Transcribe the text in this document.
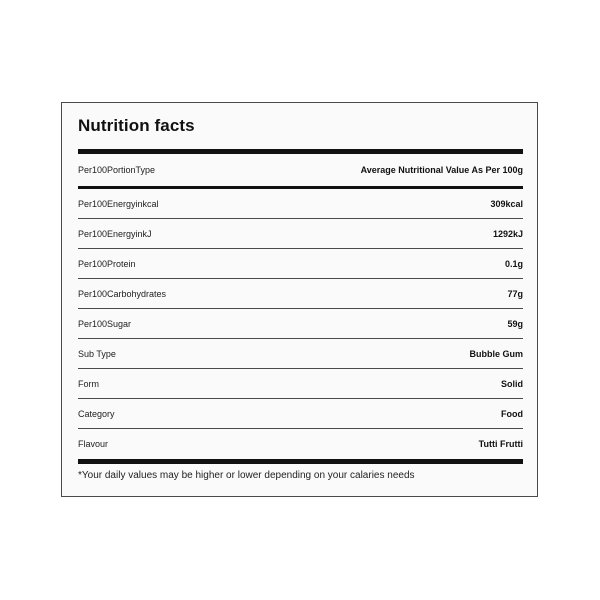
Nutrition facts
Per100PortionType	Average Nutritional Value As Per 100g
Per100Energyinkcal	309kcal
Per100EnergyinkJ	1292kJ
Per100Protein	0.1g
Per100Carbohydrates	77g
Per100Sugar	59g
Sub Type	Bubble Gum
Form	Solid
Category	Food
Flavour	Tutti Frutti
*Your daily values may be higher or lower depending on your calaries needs
